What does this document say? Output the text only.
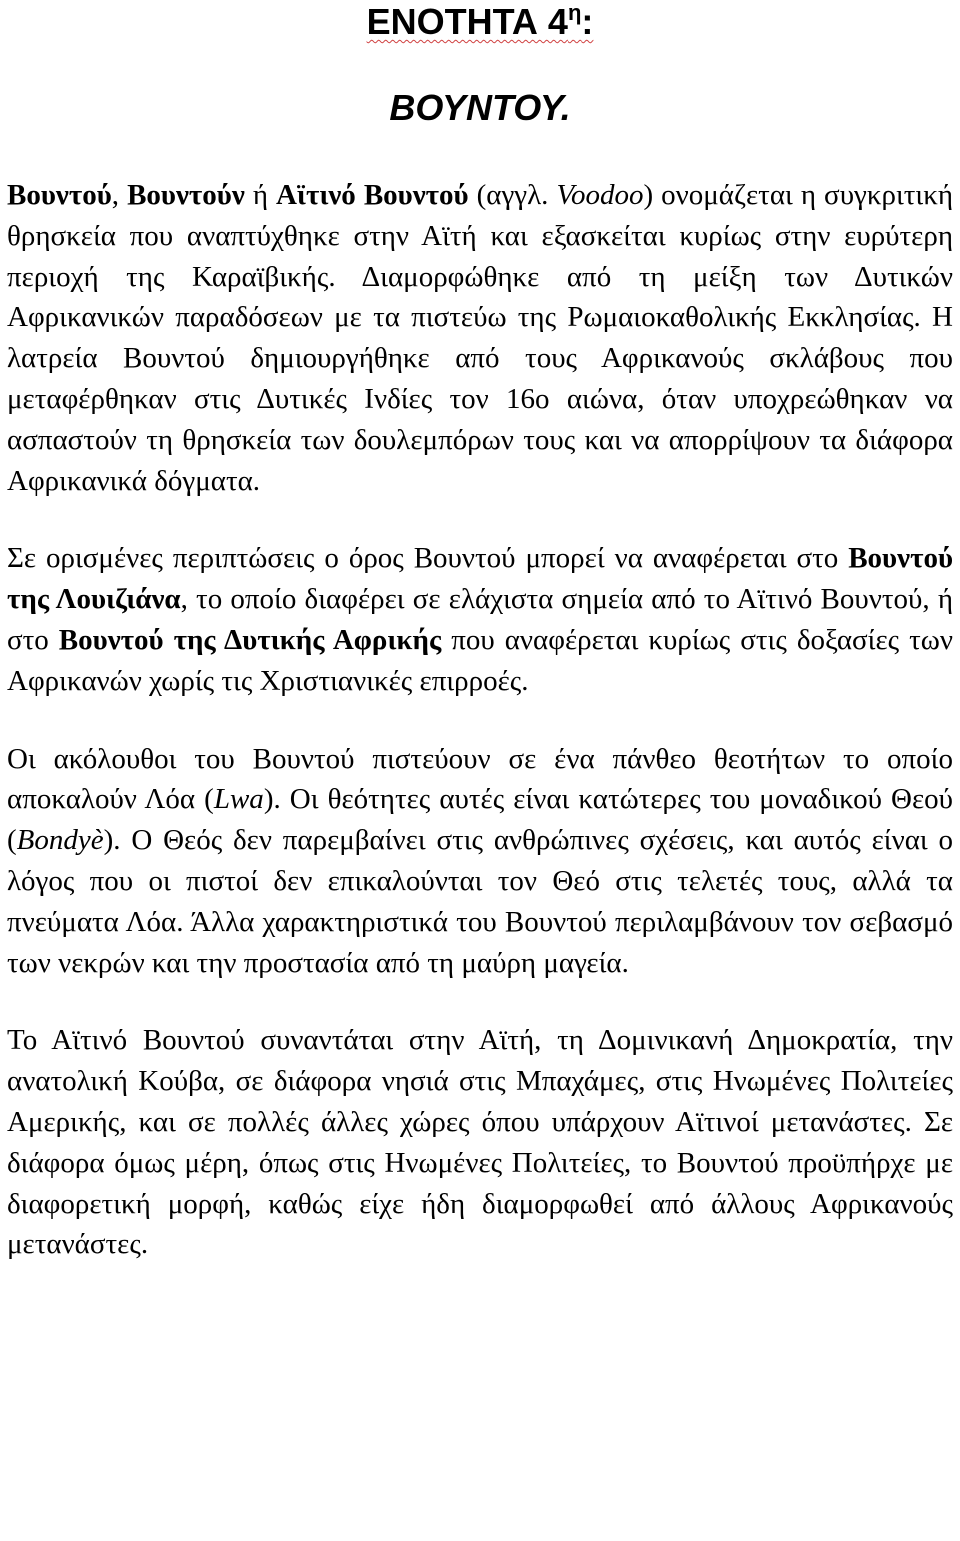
ΕΝΟΤΗΤΑ $4^\eta$:
ΒΟΥΝΤΟΥ.

Βουντού, Βουντούν ή Αϊτινό Βουντού (αγγλ. Voodoo) ονομάζεται η συγκριτική θρησκεία που αναπτύχθηκε στην Αϊτή και εξασκείται κυρίως στην ευρύτερη περιοχή της Καραϊβικής. Διαμορφώθηκε από τη μείξη των Δυτικών Αφρικανικών παραδόσεων με τα πιστεύω της Ρωμαιοκαθολικής Εκκλησίας. Η λατρεία Βουντού δημιουργήθηκε από τους Αφρικανούς σκλάβους που μεταφέρθηκαν στις Δυτικές Ινδίες τον 16ο αιώνα, όταν υποχρεώθηκαν να ασπαστούν τη θρησκεία των δουλεμπόρων τους και να απορρίψουν τα διάφορα Αφρικανικά δόγματα.

Σε ορισμένες περιπτώσεις ο όρος Βουντού μπορεί να αναφέρεται στο Βουντού της Λουιζιάνα, το οποίο διαφέρει σε ελάχιστα σημεία από το Αϊτινό Βουντού, ή στο Βουντού της Δυτικής Αφρικής που αναφέρεται κυρίως στις δοξασίες των Αφρικανών χωρίς τις Χριστιανικές επιρροές.

Οι ακόλουθοι του Βουντού πιστεύουν σε ένα πάνθεο θεοτήτων το οποίο αποκαλούν Λόα (Lwa). Οι θεότητες αυτές είναι κατώτερες του μοναδικού Θεού (Bondyè). Ο Θεός δεν παρεμβαίνει στις ανθρώπινες σχέσεις, και αυτός είναι ο λόγος που οι πιστοί δεν επικαλούνται τον Θεό στις τελετές τους, αλλά τα πνεύματα Λόα. Άλλα χαρακτηριστικά του Βουντού περιλαμβάνουν τον σεβασμό των νεκρών και την προστασία από τη μαύρη μαγεία.

Το Αϊτινό Βουντού συναντάται στην Αϊτή, τη Δομινικανή Δημοκρατία, την ανατολική Κούβα, σε διάφορα νησιά στις Μπαχάμες, στις Ηνωμένες Πολιτείες Αμερικής, και σε πολλές άλλες χώρες όπου υπάρχουν Αϊτινοί μετανάστες. Σε διάφορα όμως μέρη, όπως στις Ηνωμένες Πολιτείες, το Βουντού προϋπήρχε με διαφορετική μορφή, καθώς είχε ήδη διαμορφωθεί από άλλους Αφρικανούς μετανάστες.
